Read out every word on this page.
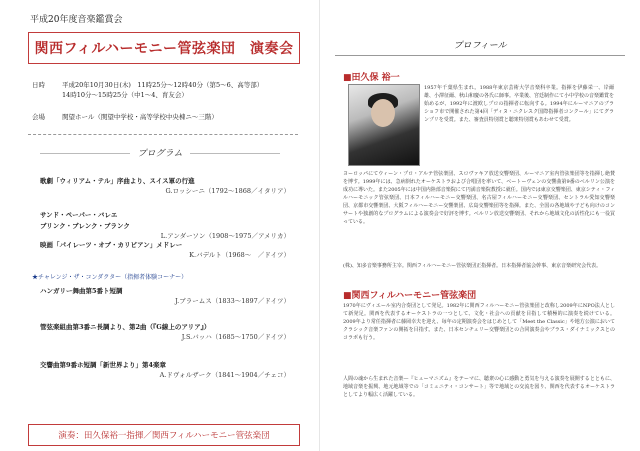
平成20年度音楽鑑賞会
関西フィルハーモニー管弦楽団　演奏会
日時	平成20年10月30日(木)　11時25分～12時40分（第5～6、高等部）
14時10分～15時25分（中1～4、育友会）
会場	関望ホール（関望中学校・高等学校中央棟ニ～三階）
プログラム
歌劇「ウィリアム・テル」序曲より、スイス軍の行進
G.ロッシーニ（1792～1868／イタリア）
サンド・ペーパー・バレエ
ブリンク・ブレンク・ブランク
L.アンダーソン（1908～1975／アメリカ）
映画「パイレーツ・オブ・カリビアン」メドレー
K.バデルト（1968～　／ドイツ）
★チャレンジ・ザ・コンダクター（指揮者体験コーナー）
ハンガリー舞曲第5番ト短調
J.ブラームス（1833～1897／ドイツ）
管弦楽組曲第3番ニ長調より、第2曲（『G線上のアリア』）
J.S.バッハ（1685～1750／ドイツ）
交響曲第9番ホ短調「新世界より」第4楽章
A.ドヴォルザーク（1841～1904／チェコ）
演奏：田久保裕一指揮／関西フィルハーモニー管弦楽団
プロフィール
■田久保 裕一
1957年千葉県生まれ。1988年東京芸術大学音楽科卒業。指揮を伊藤栄一、岸爾雄、小澤征爾、秋山和慶の各氏に師事。卒業後、宮廷制作にて小中学校の音楽鑑賞を始めるが、1992年に渡欧しプロの指揮者に転向する。1994年にルーマニアのブラショフ市で開催された第4回「ディヌ・ニクレスク国際指揮者コンクール」にてグランプリを受賞。また、審査員特別賞と聴衆特別賞もあわせて受賞。
ヨーロッパにてウィーン・プロ・アルテ管弦楽団、スロヴァキア放送交響楽団、ルーマニア室内管弦楽団等を指揮し絶賛を博す。1999年には、急病倒れたオーケストラおよび合唱団を率いて、ベートーヴェンの交響曲第9番のベルリン公演を成功に導いた。また2005年には中国内陸部音楽院にて円満音楽院教授に就任。国内では東京交響楽団、東京シティ・フィルハーモニック管弦楽団、日本フィルハーモニー交響楽団、名古屋フィルハーモニー交響楽団、セントラル愛知交響楽団、京都市交響楽団、大阪フィルハーモニー交響楽団、広島交響楽団等を指揮。また、全国の各地域や子ども向けのコンサートや独創的なプログラムによる演奏会で好評を博す。ベルリン放送交響楽団、それから地域文化の活性化にも一役買っている。
(株)、知多音楽事務所主宰。関西フィルハーモニー管弦楽団正指揮者。日本指揮者協会幹事、東京音楽研究会代表。
■関西フィルハーモニー管弦楽団
1970年にヴィエール室内合奏団として発足。1982年に関西フィルハーモニー管弦楽団と改称し2009年にNPO法人として新発足。関西を代表するオーケストラの一つとして、文化・社会への貢献を目指して積極的に演奏を続けている。2009年より常任指揮者に藤岡幸夫を迎え、毎年の定期演奏会をはじめとして「Meet the Classic」や地方公演においてクラシック音楽ファンの開拓を目指す。また、日本センチュリー交響楽団との合同演奏会やブラス・ダイナミックスとのコラボも行う。
人間の魂から生まれた音楽—『ヒューマニズム』をテーマに、聴衆の心に感動と勇気を与える演奏を展開するとともに、地域音楽を振興、地元地域等での「コミュニティ・コンサート」等で地域との交流を図り、関西を代表するオーケストラとしてより幅広く活躍している。
